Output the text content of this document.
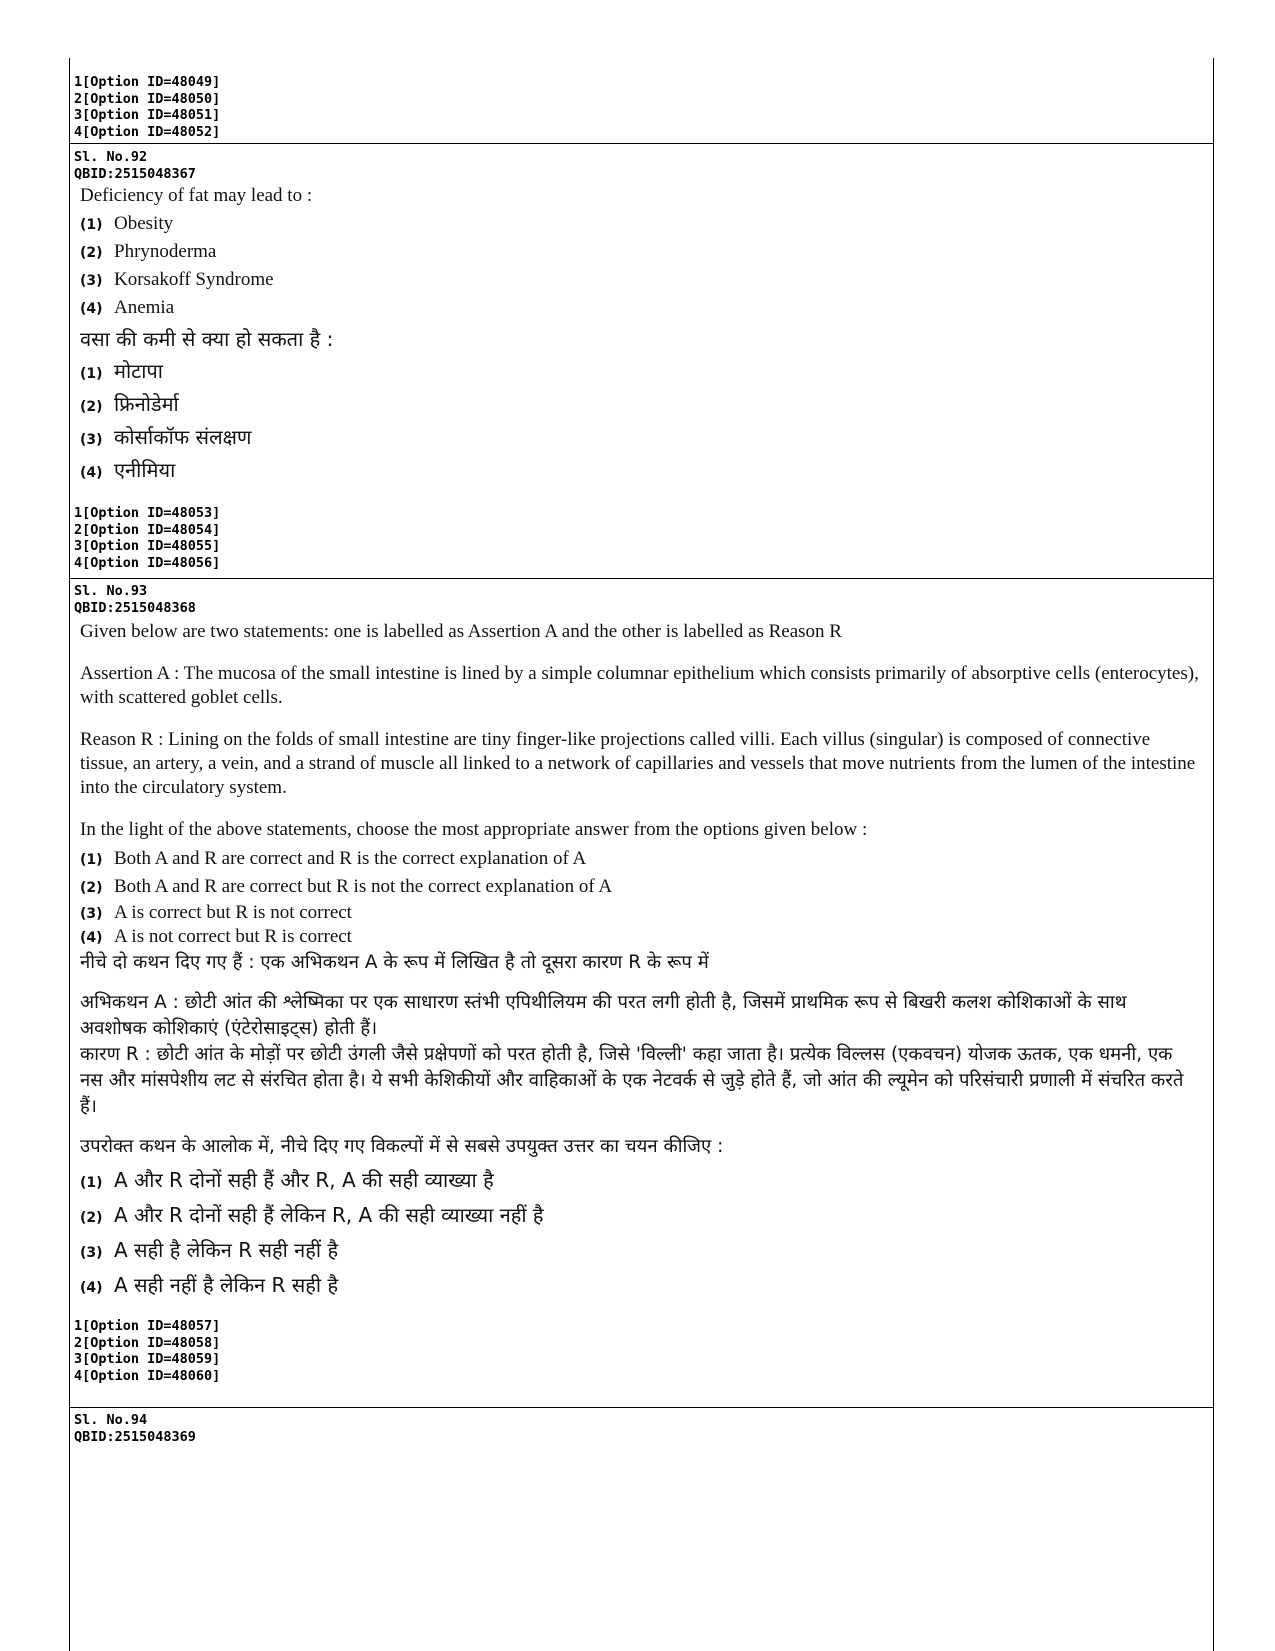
1[Option ID=48049]
2[Option ID=48050]
3[Option ID=48051]
4[Option ID=48052]
Sl. No.92
QBID:2515048367

Deficiency of fat may lead to :

(1) Obesity
(2) Phrynoderma
(3) Korsakoff Syndrome
(4) Anemia

वसा की कमी से क्या हो सकता है :

(1) मोटापा
(2) फ्रिनोडेर्मा
(3) कोर्साकॉफ संलक्षण
(4) एनीमिया
1[Option ID=48053]
2[Option ID=48054]
3[Option ID=48055]
4[Option ID=48056]
Sl. No.93
QBID:2515048368

Given below are two statements: one is labelled as Assertion A and the other is labelled as Reason R

Assertion A : The mucosa of the small intestine is lined by a simple columnar epithelium which consists primarily of absorptive cells (enterocytes), with scattered goblet cells.

Reason R : Lining on the folds of small intestine are tiny finger-like projections called villi. Each villus (singular) is composed of connective tissue, an artery, a vein, and a strand of muscle all linked to a network of capillaries and vessels that move nutrients from the lumen of the intestine into the circulatory system.

In the light of the above statements, choose the most appropriate answer from the options given below :

(1) Both A and R are correct and R is the correct explanation of A
(2) Both A and R are correct but R is not the correct explanation of A
(3) A is correct but R is not correct
(4) A is not correct but R is correct

नीचे दो कथन दिए गए हैं : एक अभिकथन A के रूप में लिखित है तो दूसरा कारण R के रूप में

अभिकथन A : छोटी आंत की श्लेष्मिका पर एक साधारण स्तंभी एपिथीलियम की परत लगी होती है, जिसमें प्राथमिक रूप से बिखरी कलश कोशिकाओं के साथ अवशोषक कोशिकाएं (एंटेरोसाइट्स) होती हैं।

कारण R : छोटी आंत के मोड़ों पर छोटी उंगली जैसे प्रक्षेपणों को परत होती है, जिसे 'विल्ली' कहा जाता है। प्रत्येक विल्लस (एकवचन) योजक ऊतक, एक धमनी, एक नस और मांसपेशीय लट से संरचित होता है। ये सभी केशिकीयों और वाहिकाओं के एक नेटवर्क से जुड़े होते हैं, जो आंत की ल्यूमेन को परिसंचारी प्रणाली में संचरित करते हैं।

उपरोक्त कथन के आलोक में, नीचे दिए गए विकल्पों में से सबसे उपयुक्त उत्तर का चयन कीजिए :

(1) A और R दोनों सही हैं और R, A की सही व्याख्या है
(2) A और R दोनों सही हैं लेकिन R, A की सही व्याख्या नहीं है
(3) A सही है लेकिन R सही नहीं है
(4) A सही नहीं है लेकिन R सही है
1[Option ID=48057]
2[Option ID=48058]
3[Option ID=48059]
4[Option ID=48060]
Sl. No.94
QBID:2515048369
